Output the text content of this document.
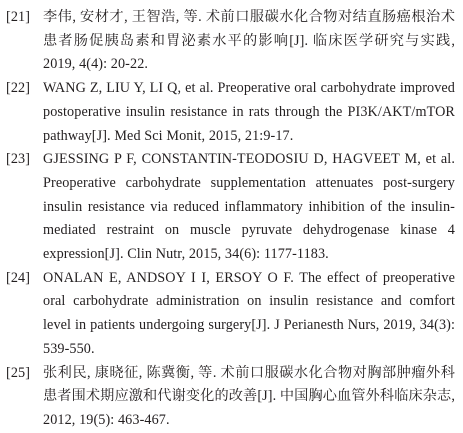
[21] 李伟, 安材才, 王智浩, 等. 术前口服碳水化合物对结直肠癌根治术患者肠促胰岛素和胃泌素水平的影响[J]. 临床医学研究与实践, 2019, 4(4): 20-22.
[22] WANG Z, LIU Y, LI Q, et al. Preoperative oral carbohydrate improved postoperative insulin resistance in rats through the PI3K/AKT/mTOR pathway[J]. Med Sci Monit, 2015, 21:9-17.
[23] GJESSING P F, CONSTANTIN-TEODOSIU D, HAGVEET M, et al. Preoperative carbohydrate supplementation attenuates post-surgery insulin resistance via reduced inflammatory inhibition of the insulin-mediated restraint on muscle pyruvate dehydrogenase kinase 4 expression[J]. Clin Nutr, 2015, 34(6): 1177-1183.
[24] ONALAN E, ANDSOY I I, ERSOY O F. The effect of preoperative oral carbohydrate administration on insulin resistance and comfort level in patients undergoing surgery[J]. J Perianesth Nurs, 2019, 34(3): 539-550.
[25] 张利民, 康晓征, 陈冀衡, 等. 术前口服碳水化合物对胸部肿瘤外科患者围术期应激和代谢变化的改善[J]. 中国胸心血管外科临床杂志, 2012, 19(5): 463-467.
